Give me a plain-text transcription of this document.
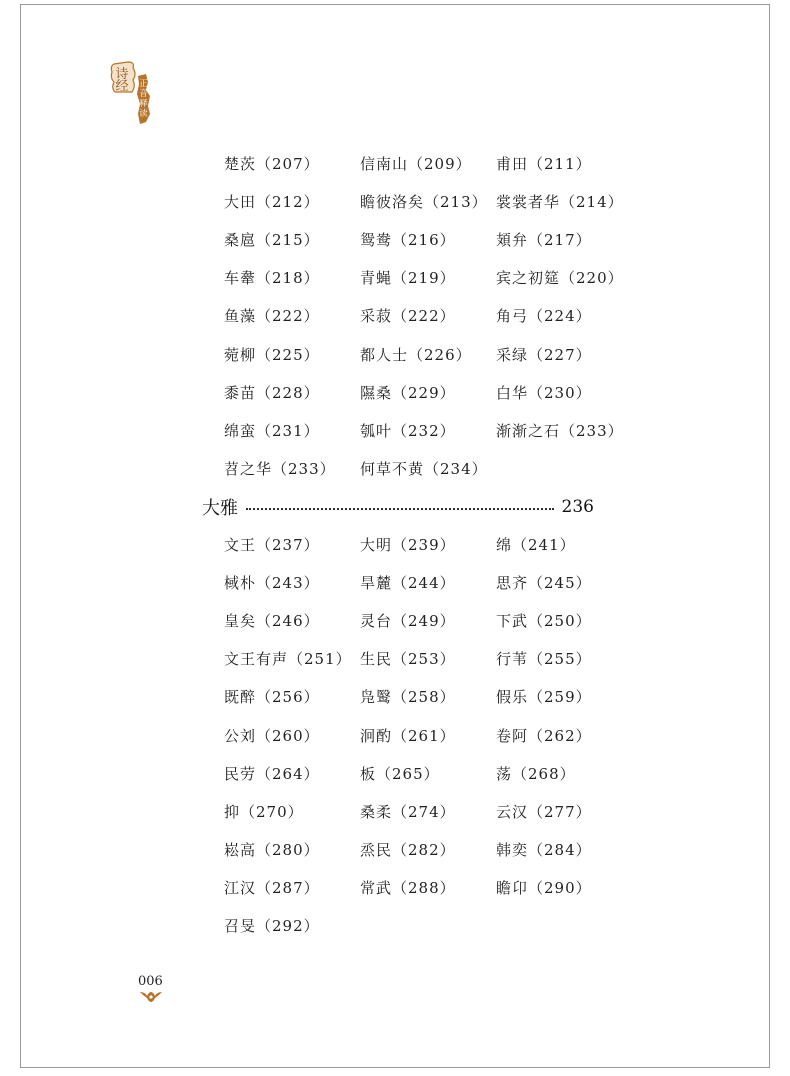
诗
经 正
音
释
读
楚茨（207）	信南山（209）	甫田（211）
大田（212）	瞻彼洛矣（213） 裳裳者华（214）
桑扈（215）	鸳鸯（216）	頍弁（217）
车舝（218）	青蝇（219）	宾之初筵（220）
鱼藻（222）	采菽（222）	角弓（224）
菀柳（225）	都人士（226）	采绿（227）
黍苗（228）	隰桑（229）	白华（230）
绵蛮（231）	瓠叶（232）	渐渐之石（233）
苕之华（233）	何草不黄（234）
大雅	236
文王（237）	大明（239）	绵（241）
棫朴（243）	旱麓（244）	思齐（245）
皇矣（246）	灵台（249）	下武（250）
文王有声（251） 生民（253）	行苇（255）
既醉（256）	凫鹥（258）	假乐（259）
公刘（260）	泂酌（261）	卷阿（262）
民劳（264）	板（265）	荡（268）
抑（270）	桑柔（274）	云汉（277）
崧高（280）	烝民（282）	韩奕（284）
江汉（287）	常武（288）	瞻卬（290）
召旻（292）
006
